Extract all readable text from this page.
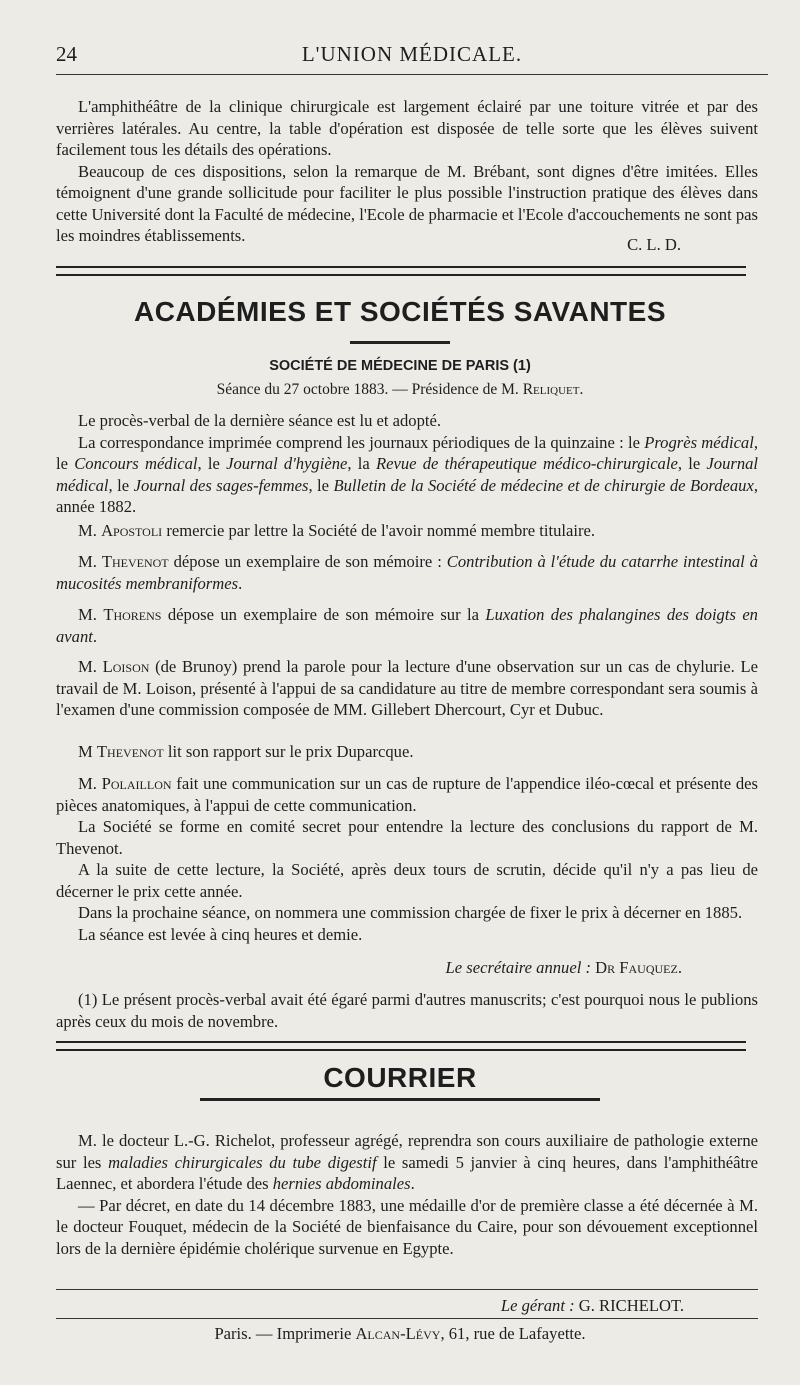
24	L'UNION MÉDICALE.

L'amphithéâtre de la clinique chirurgicale est largement éclairé par une toiture vitrée et par des verrières latérales. Au centre, la table d'opération est disposée de telle sorte que les élèves suivent facilement tous les détails des opérations.

Beaucoup de ces dispositions, selon la remarque de M. Brébant, sont dignes d'être imitées. Elles témoignent d'une grande sollicitude pour faciliter le plus possible l'instruction pratique des élèves dans cette Université dont la Faculté de médecine, l'Ecole de pharmacie et l'Ecole d'accouchements ne sont pas les moindres établissements.	C. L. D.
ACADÉMIES ET SOCIÉTÉS SAVANTES
SOCIÉTÉ DE MÉDECINE DE PARIS (1)
Séance du 27 octobre 1883. — Présidence de M. Reliquet.

Le procès-verbal de la dernière séance est lu et adopté.

La correspondance imprimée comprend les journaux périodiques de la quinzaine : le Progrès médical, le Concours médical, le Journal d'hygiène, la Revue de thérapeutique médico-chirurgicale, le Journal médical, le Journal des sages-femmes, le Bulletin de la Société de médecine et de chirurgie de Bordeaux, année 1882.

M. Apostoli remercie par lettre la Société de l'avoir nommé membre titulaire.

M. Thevenot dépose un exemplaire de son mémoire : Contribution à l'étude du catarrhe intestinal à mucosités membraniformes.

M. Thorens dépose un exemplaire de son mémoire sur la Luxation des phalangines des doigts en avant.

M. Loison (de Brunoy) prend la parole pour la lecture d'une observation sur un cas de chylurie. Le travail de M. Loison, présenté à l'appui de sa candidature au titre de membre correspondant sera soumis à l'examen d'une commission composée de MM. Gillebert Dhercourt, Cyr et Dubuc.

M Thevenot lit son rapport sur le prix Duparcque.

M. Polaillon fait une communication sur un cas de rupture de l'appendice iléo-cœcal et présente des pièces anatomiques, à l'appui de cette communication.

La Société se forme en comité secret pour entendre la lecture des conclusions du rapport de M. Thevenot.

A la suite de cette lecture, la Société, après deux tours de scrutin, décide qu'il n'y a pas lieu de décerner le prix cette année.

Dans la prochaine séance, on nommera une commission chargée de fixer le prix à décerner en 1885.

La séance est levée à cinq heures et demie.

Le secrétaire annuel : Dr Fauquez.

(1) Le présent procès-verbal avait été égaré parmi d'autres manuscrits; c'est pourquoi nous le publions après ceux du mois de novembre.

COURRIER

M. le docteur L.-G. Richelot, professeur agrégé, reprendra son cours auxiliaire de pathologie externe sur les maladies chirurgicales du tube digestif le samedi 5 janvier à cinq heures, dans l'amphithéâtre Laennec, et abordera l'étude des hernies abdominales.

— Par décret, en date du 14 décembre 1883, une médaille d'or de première classe a été décernée à M. le docteur Fouquet, médecin de la Société de bienfaisance du Caire, pour son dévouement exceptionnel lors de la dernière épidémie cholérique survenue en Egypte.

Le gérant : G. RICHELOT.
Paris. — Imprimerie Alcan-Lévy, 61, rue de Lafayette.
